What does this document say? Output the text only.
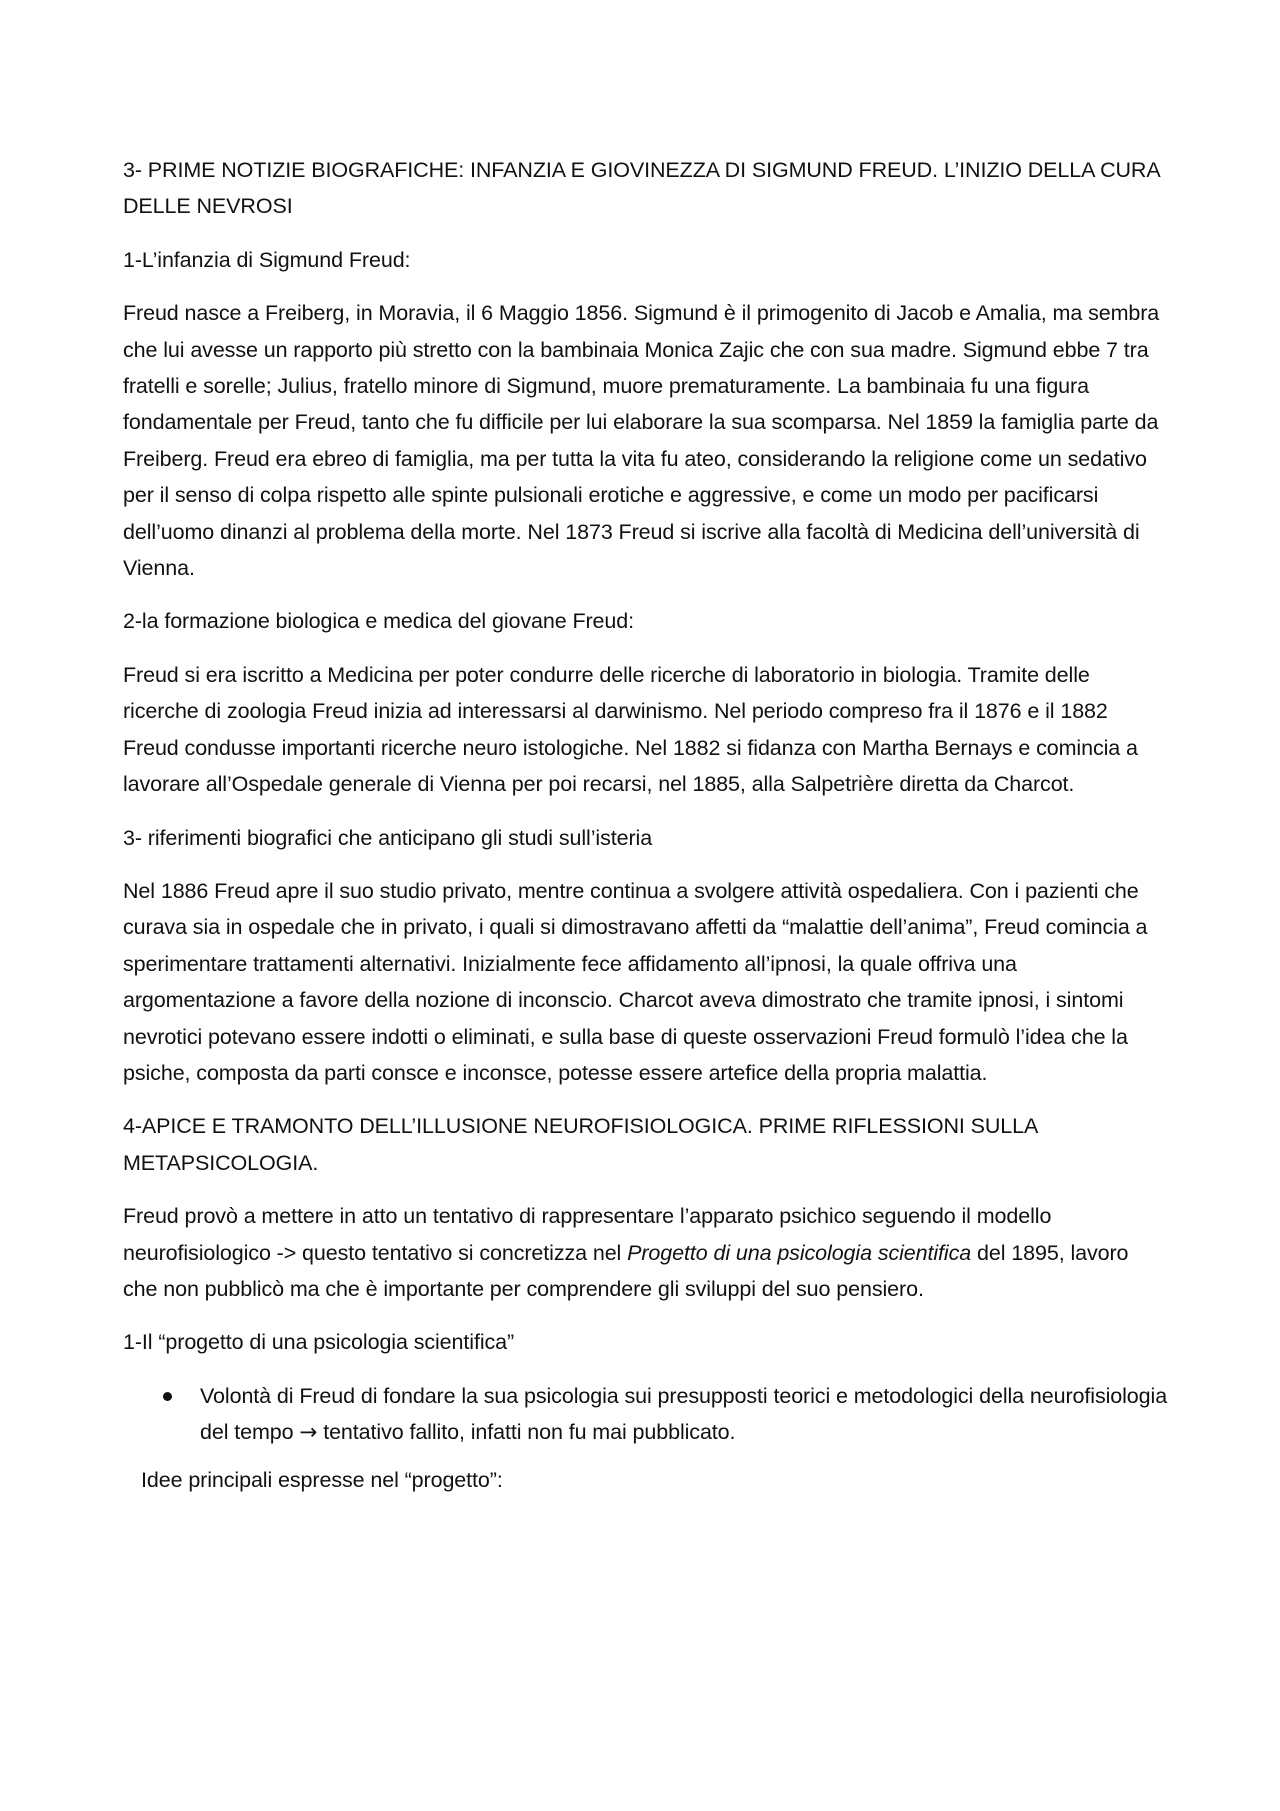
3- PRIME NOTIZIE BIOGRAFICHE: INFANZIA E GIOVINEZZA DI SIGMUND FREUD. L’INIZIO DELLA CURA DELLE NEVROSI

1-L’infanzia di Sigmund Freud:

Freud nasce a Freiberg, in Moravia, il 6 Maggio 1856. Sigmund è il primogenito di Jacob e Amalia, ma sembra che lui avesse un rapporto più stretto con la bambinaia Monica Zajic che con sua madre. Sigmund ebbe 7 tra fratelli e sorelle; Julius, fratello minore di Sigmund, muore prematuramente. La bambinaia fu una figura fondamentale per Freud, tanto che fu difficile per lui elaborare la sua scomparsa. Nel 1859 la famiglia parte da Freiberg. Freud era ebreo di famiglia, ma per tutta la vita fu ateo, considerando la religione come un sedativo per il senso di colpa rispetto alle spinte pulsionali erotiche e aggressive, e come un modo per pacificarsi dell’uomo dinanzi al problema della morte. Nel 1873 Freud si iscrive alla facoltà di Medicina dell’università di Vienna.

2-la formazione biologica e medica del giovane Freud:

Freud si era iscritto a Medicina per poter condurre delle ricerche di laboratorio in biologia. Tramite delle ricerche di zoologia Freud inizia ad interessarsi al darwinismo. Nel periodo compreso fra il 1876 e il 1882 Freud condusse importanti ricerche neuro istologiche. Nel 1882 si fidanza con Martha Bernays e comincia a lavorare all’Ospedale generale di Vienna per poi recarsi, nel 1885, alla Salpetrière diretta da Charcot.

3- riferimenti biografici che anticipano gli studi sull’isteria

Nel 1886 Freud apre il suo studio privato, mentre continua a svolgere attività ospedaliera. Con i pazienti che curava sia in ospedale che in privato, i quali si dimostravano affetti da “malattie dell’anima”, Freud comincia a sperimentare trattamenti alternativi. Inizialmente fece affidamento all’ipnosi, la quale offriva una argomentazione a favore della nozione di inconscio. Charcot aveva dimostrato che tramite ipnosi, i sintomi nevrotici potevano essere indotti o eliminati, e sulla base di queste osservazioni Freud formulò l’idea che la psiche, composta da parti consce e inconsce, potesse essere artefice della propria malattia.

4-APICE E TRAMONTO DELL’ILLUSIONE NEUROFISIOLOGICA. PRIME RIFLESSIONI SULLA METAPSICOLOGIA.

Freud provò a mettere in atto un tentativo di rappresentare l’apparato psichico seguendo il modello neurofisiologico -> questo tentativo si concretizza nel Progetto di una psicologia scientifica del 1895, lavoro che non pubblicò ma che è importante per comprendere gli sviluppi del suo pensiero.

1-Il “progetto di una psicologia scientifica”

Volontà di Freud di fondare la sua psicologia sui presupposti teorici e metodologici della neurofisiologia del tempo → tentativo fallito, infatti non fu mai pubblicato.

Idee principali espresse nel “progetto”:
